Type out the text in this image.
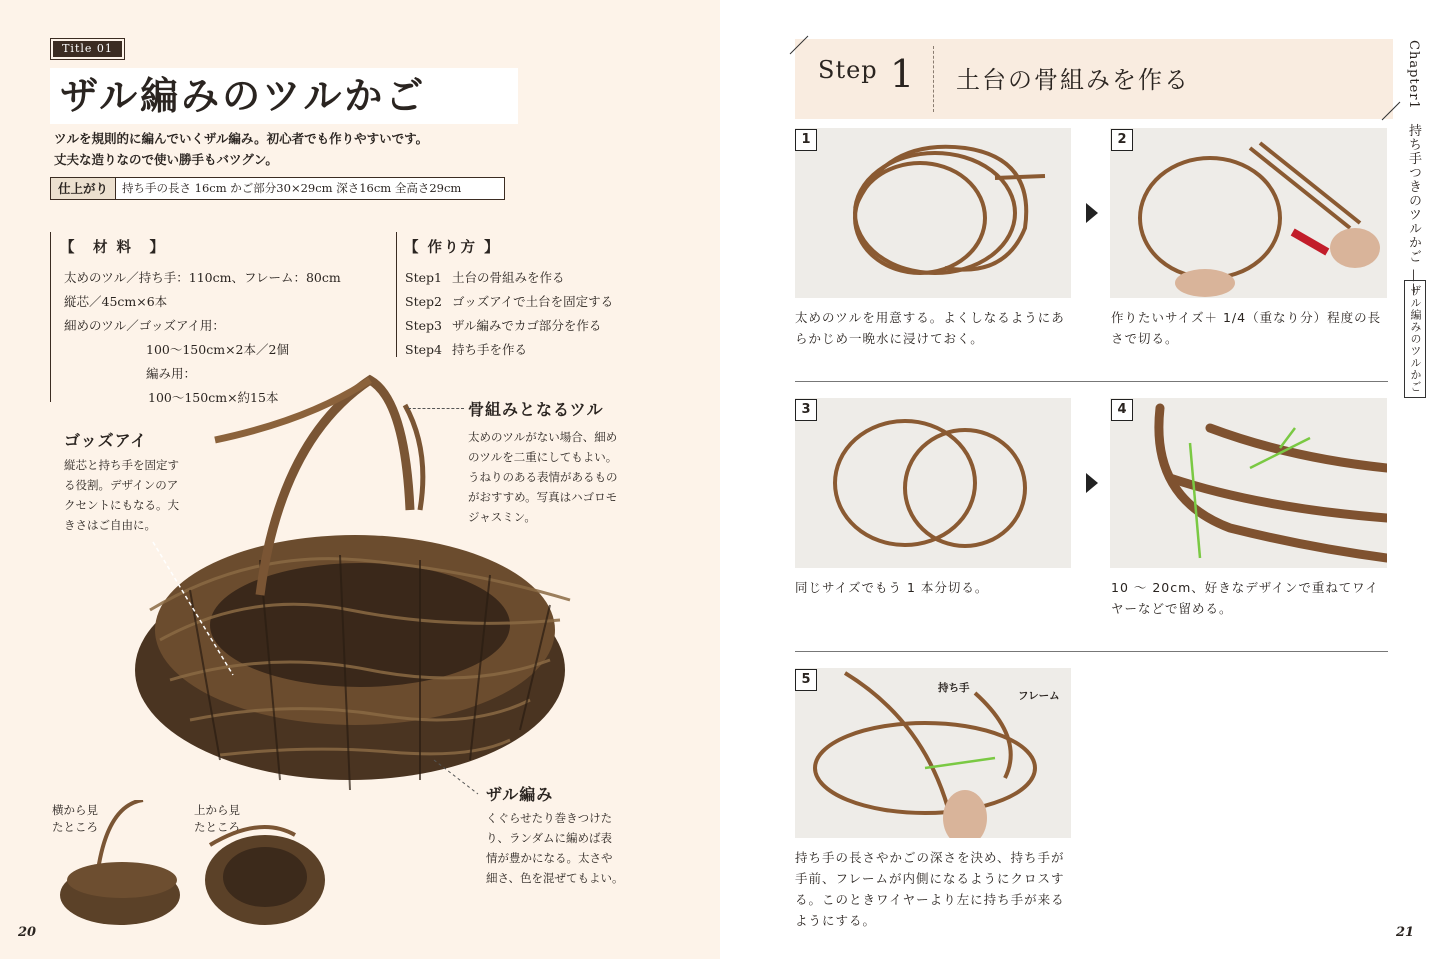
Title 01
ザル編みのツルかご
ツルを規則的に編んでいくザル編み。初心者でも作りやすいです。
丈夫な造りなので使い勝手もバツグン。
仕上がり	持ち手の長さ 16cm かご部分30×29cm 深さ16cm 全高さ29cm
【　材 料　】
太めのツル／持ち手：110cm、フレーム：80cm
縦芯／45cm×6本
細めのツル／ゴッズアイ用：
100～150cm×2本／2個
編み用：
100～150cm×約15本
【 作り方 】
Step1 土台の骨組みを作る
Step2 ゴッズアイで土台を固定する
Step3 ザル編みでカゴ部分を作る
Step4 持ち手を作る
骨組みとなるツル
太めのツルがない場合、細め
のツルを二重にしてもよい。
うねりのある表情があるもの
がおすすめ。写真はハゴロモ
ジャスミン。
ゴッズアイ
縦芯と持ち手を固定す
る役割。デザインのア
クセントにもなる。大
きさはご自由に。
ザル編み
くぐらせたり巻きつけた
り、ランダムに編めば表
情が豊かになる。太さや
細さ、色を混ぜてもよい。
横から見
たところ
上から見
たところ
20
Step 1 土台の骨組みを作る	Chapter1　持ち手つきのツルかご ——
ザル編みのツルかご
1
太めのツルを用意する。よくしなるようにあ
らかじめ一晩水に浸けておく。
2
作りたいサイズ＋ 1/4（重なり分）程度の長
さで切る。
3
同じサイズでもう 1 本分切る。
4
10 ～ 20cm、好きなデザインで重ねてワイ
ヤーなどで留める。
5
持ち手
フレーム
持ち手の長さやかごの深さを決め、持ち手が
手前、フレームが内側になるようにクロスす
る。このときワイヤーより左に持ち手が来る
ようにする。
21
